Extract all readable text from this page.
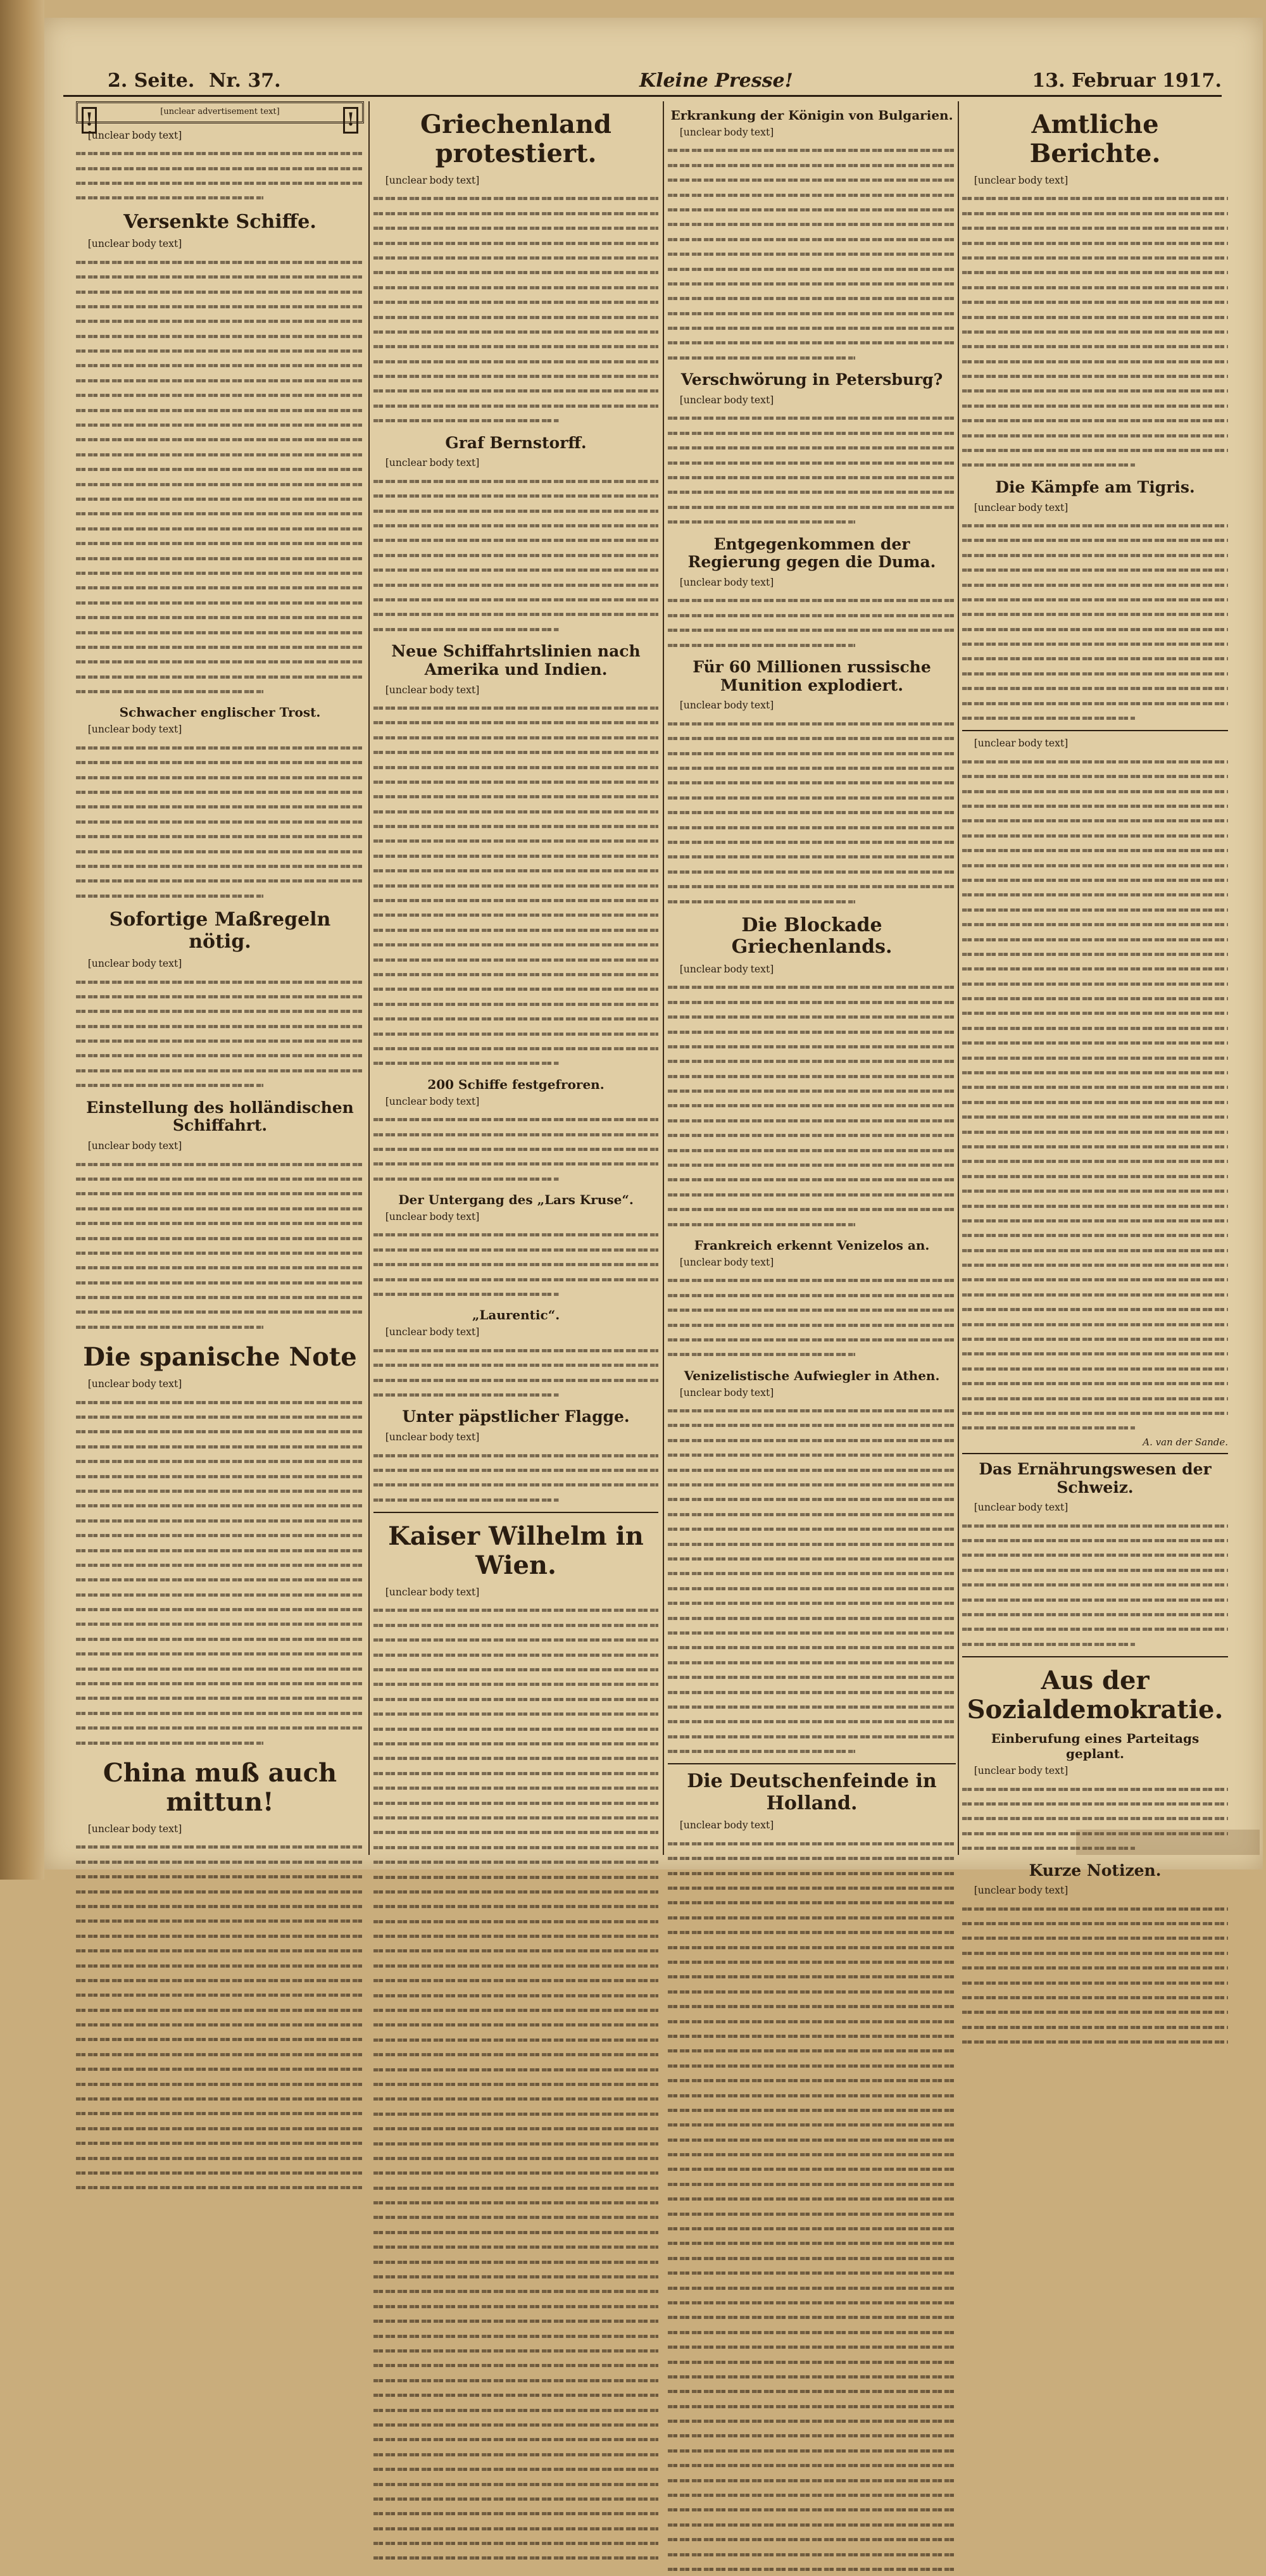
2. Seite. Nr. 37.	Kleine Presse!	13. Februar 1917.
!	[unclear advertisement text]	!

[unclear body text]

Versenkte Schiffe.

[unclear body text]

Schwacher englischer Trost.

[unclear body text]

Sofortige Maßregeln nötig.

[unclear body text]

Einstellung des holländischen Schiffahrt.

[unclear body text]

Die spanische Note

[unclear body text]

China muß auch mittun!

[unclear body text]

Griechenland protestiert.

[unclear body text]

Graf Bernstorff.

[unclear body text]

Neue Schiffahrtslinien nach Amerika und Indien.

[unclear body text]

200 Schiffe festgefroren.

[unclear body text]

Der Untergang des „Lars Kruse“.

[unclear body text]

„Laurentic“.

[unclear body text]

Unter päpstlicher Flagge.

[unclear body text]

Kaiser Wilhelm in Wien.

[unclear body text]

Erkrankung der Königin von Bulgarien.

[unclear body text]

Verschwörung in Petersburg?

[unclear body text]

Entgegenkommen der Regierung gegen die Duma.

[unclear body text]

Für 60 Millionen russische Munition explodiert.

[unclear body text]

Die Blockade Griechenlands.

[unclear body text]

Frankreich erkennt Venizelos an.

[unclear body text]

Venizelistische Aufwiegler in Athen.

[unclear body text]

Die Deutschenfeinde in Holland.

[unclear body text]

Amtliche Berichte.

[unclear body text]

Die Kämpfe am Tigris.

[unclear body text]

[unclear body text]

A. van der Sande.
Das Ernährungswesen der Schweiz.

[unclear body text]

Aus der Sozialdemokratie.
Einberufung eines Parteitags geplant.

[unclear body text]

Kurze Notizen.

[unclear body text]
